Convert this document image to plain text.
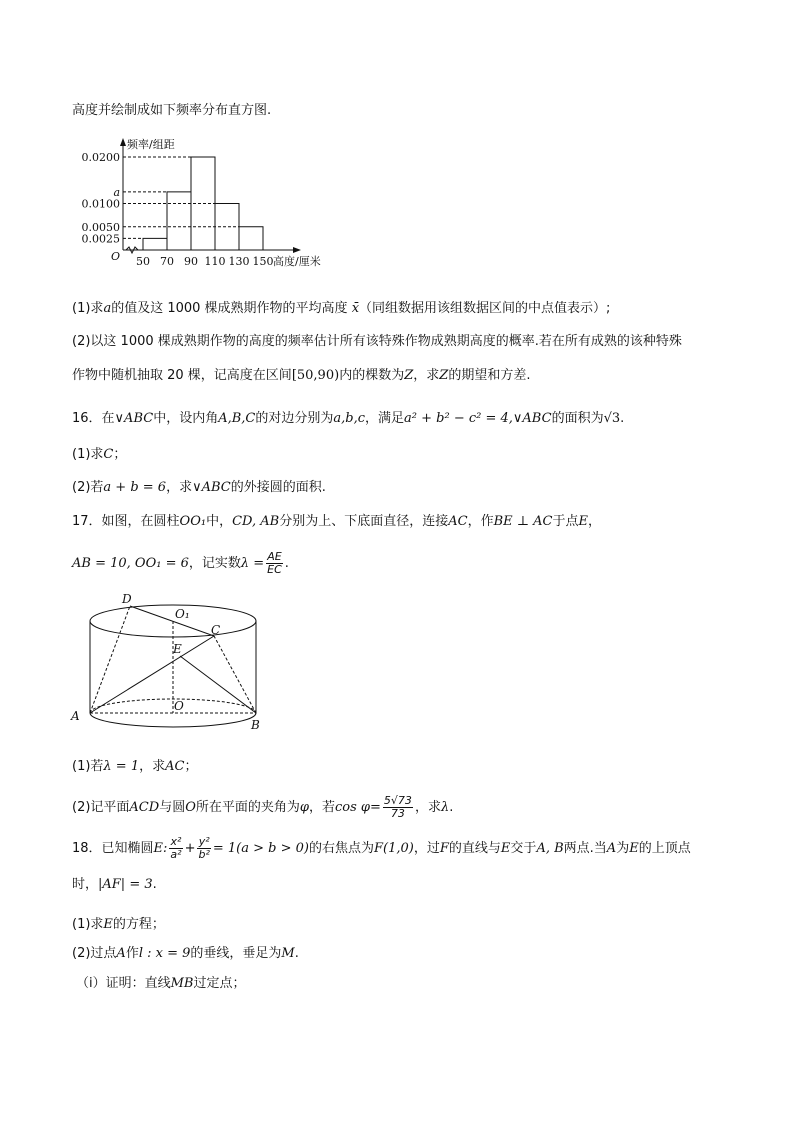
高度并绘制成如下频率分布直方图.
0.0200
a
0.0100
0.0050
0.0025
50 70 90 110 130 150
O
频率/组距
高度/厘米
(1)求a的值及这 1000 棵成熟期作物的平均高度 x̄（同组数据用该组数据区间的中点值表示）;
(2)以这 1000 棵成熟期作物的高度的频率估计所有该特殊作物成熟期高度的概率.若在所有成熟的该种特殊
作物中随机抽取 20 棵，记高度在区间[50,90)内的棵数为Z，求Z的期望和方差.
16．在∨ABC中，设内角A,B,C的对边分别为a,b,c，满足a² + b² − c² = 4,∨ABC的面积为√3.
(1)求C；
(2)若a + b = 6，求∨ABC的外接圆的面积.
17．如图，在圆柱OO₁中，CD, AB分别为上、下底面直径，连接AC，作BE ⊥ AC于点E，
AB = 10, OO₁ = 6，记实数$\lambda = \frac{AE}{EC}$ .
D
O₁
C
E
O
A
B
(1)若λ = 1，求AC；
(2)记平面ACD与圆O所在平面的夹角为φ，若$\cos \varphi= \frac{5√73}{73}$ ，求λ.
18．已知椭圆E: $\frac{\text{x²}}{\text{a²}} + \frac{\text{y²}}{\text{b²}} = 1(a > b > 0)$的右焦点为F(1,0)，过F的直线与E交于A, B两点.当A为E的上顶点
时，|AF| = 3.
(1)求E的方程；
(2)过点A作l : x = 9的垂线，垂足为M.
（i）证明：直线MB过定点；
